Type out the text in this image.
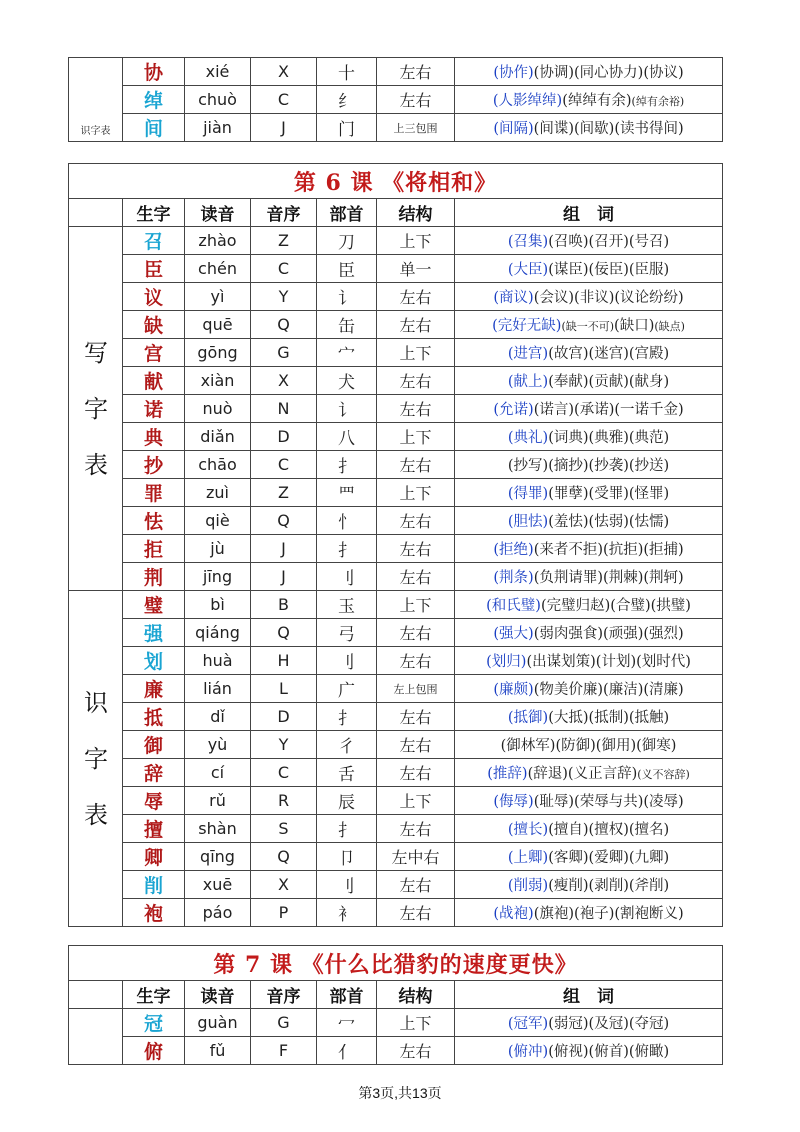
识字表	协	xié	X	十	左右	(协作)(协调)(同心协力)(协议)
	绰	chuò	C	纟	左右	(人影绰绰)(绰绰有余)(绰有余裕)
	间	jiàn	J	门	上三包围	(间隔)(间谍)(间歇)(读书得间)
第 6 课 《将相和》						
	生字	读音	音序	部首	结构	组　词
写字表	召	zhào	Z	刀	上下	(召集)(召唤)(召开)(号召)
	臣	chén	C	臣	单一	(大臣)(谋臣)(佞臣)(臣服)
	议	yì	Y	讠	左右	(商议)(会议)(非议)(议论纷纷)
	缺	quē	Q	缶	左右	(完好无缺)(缺一不可)(缺口)(缺点)
	宫	gōng	G	宀	上下	(进宫)(故宫)(迷宫)(宫殿)
	献	xiàn	X	犬	左右	(献上)(奉献)(贡献)(献身)
	诺	nuò	N	讠	左右	(允诺)(诺言)(承诺)(一诺千金)
	典	diǎn	D	八	上下	(典礼)(词典)(典雅)(典范)
	抄	chāo	C	扌	左右	(抄写)(摘抄)(抄袭)(抄送)
	罪	zuì	Z	罒	上下	(得罪)(罪孽)(受罪)(怪罪)
	怯	qiè	Q	忄	左右	(胆怯)(羞怯)(怯弱)(怯懦)
	拒	jù	J	扌	左右	(拒绝)(来者不拒)(抗拒)(拒捕)
	荆	jīng	J	刂	左右	(荆条)(负荆请罪)(荆棘)(荆轲)
识字表	璧	bì	B	玉	上下	(和氏璧)(完璧归赵)(合璧)(拱璧)
	强	qiáng	Q	弓	左右	(强大)(弱肉强食)(顽强)(强烈)
	划	huà	H	刂	左右	(划归)(出谋划策)(计划)(划时代)
	廉	lián	L	广	左上包围	(廉颇)(物美价廉)(廉洁)(清廉)
	抵	dǐ	D	扌	左右	(抵御)(大抵)(抵制)(抵触)
	御	yù	Y	彳	左右	(御林军)(防御)(御用)(御寒)
	辞	cí	C	舌	左右	(推辞)(辞退)(义正言辞)(义不容辞)
	辱	rǔ	R	辰	上下	(侮辱)(耻辱)(荣辱与共)(凌辱)
	擅	shàn	S	扌	左右	(擅长)(擅自)(擅权)(擅名)
	卿	qīng	Q	卩	左中右	(上卿)(客卿)(爱卿)(九卿)
	削	xuē	X	刂	左右	(削弱)(瘦削)(剥削)(斧削)
	袍	páo	P	衤	左右	(战袍)(旗袍)(袍子)(割袍断义)
第 7 课 《什么比猎豹的速度更快》						
	生字	读音	音序	部首	结构	组　词
	冠	guàn	G	冖	上下	(冠军)(弱冠)(及冠)(夺冠)
	俯	fǔ	F	亻	左右	(俯冲)(俯视)(俯首)(俯瞰)
第3页,共13页
